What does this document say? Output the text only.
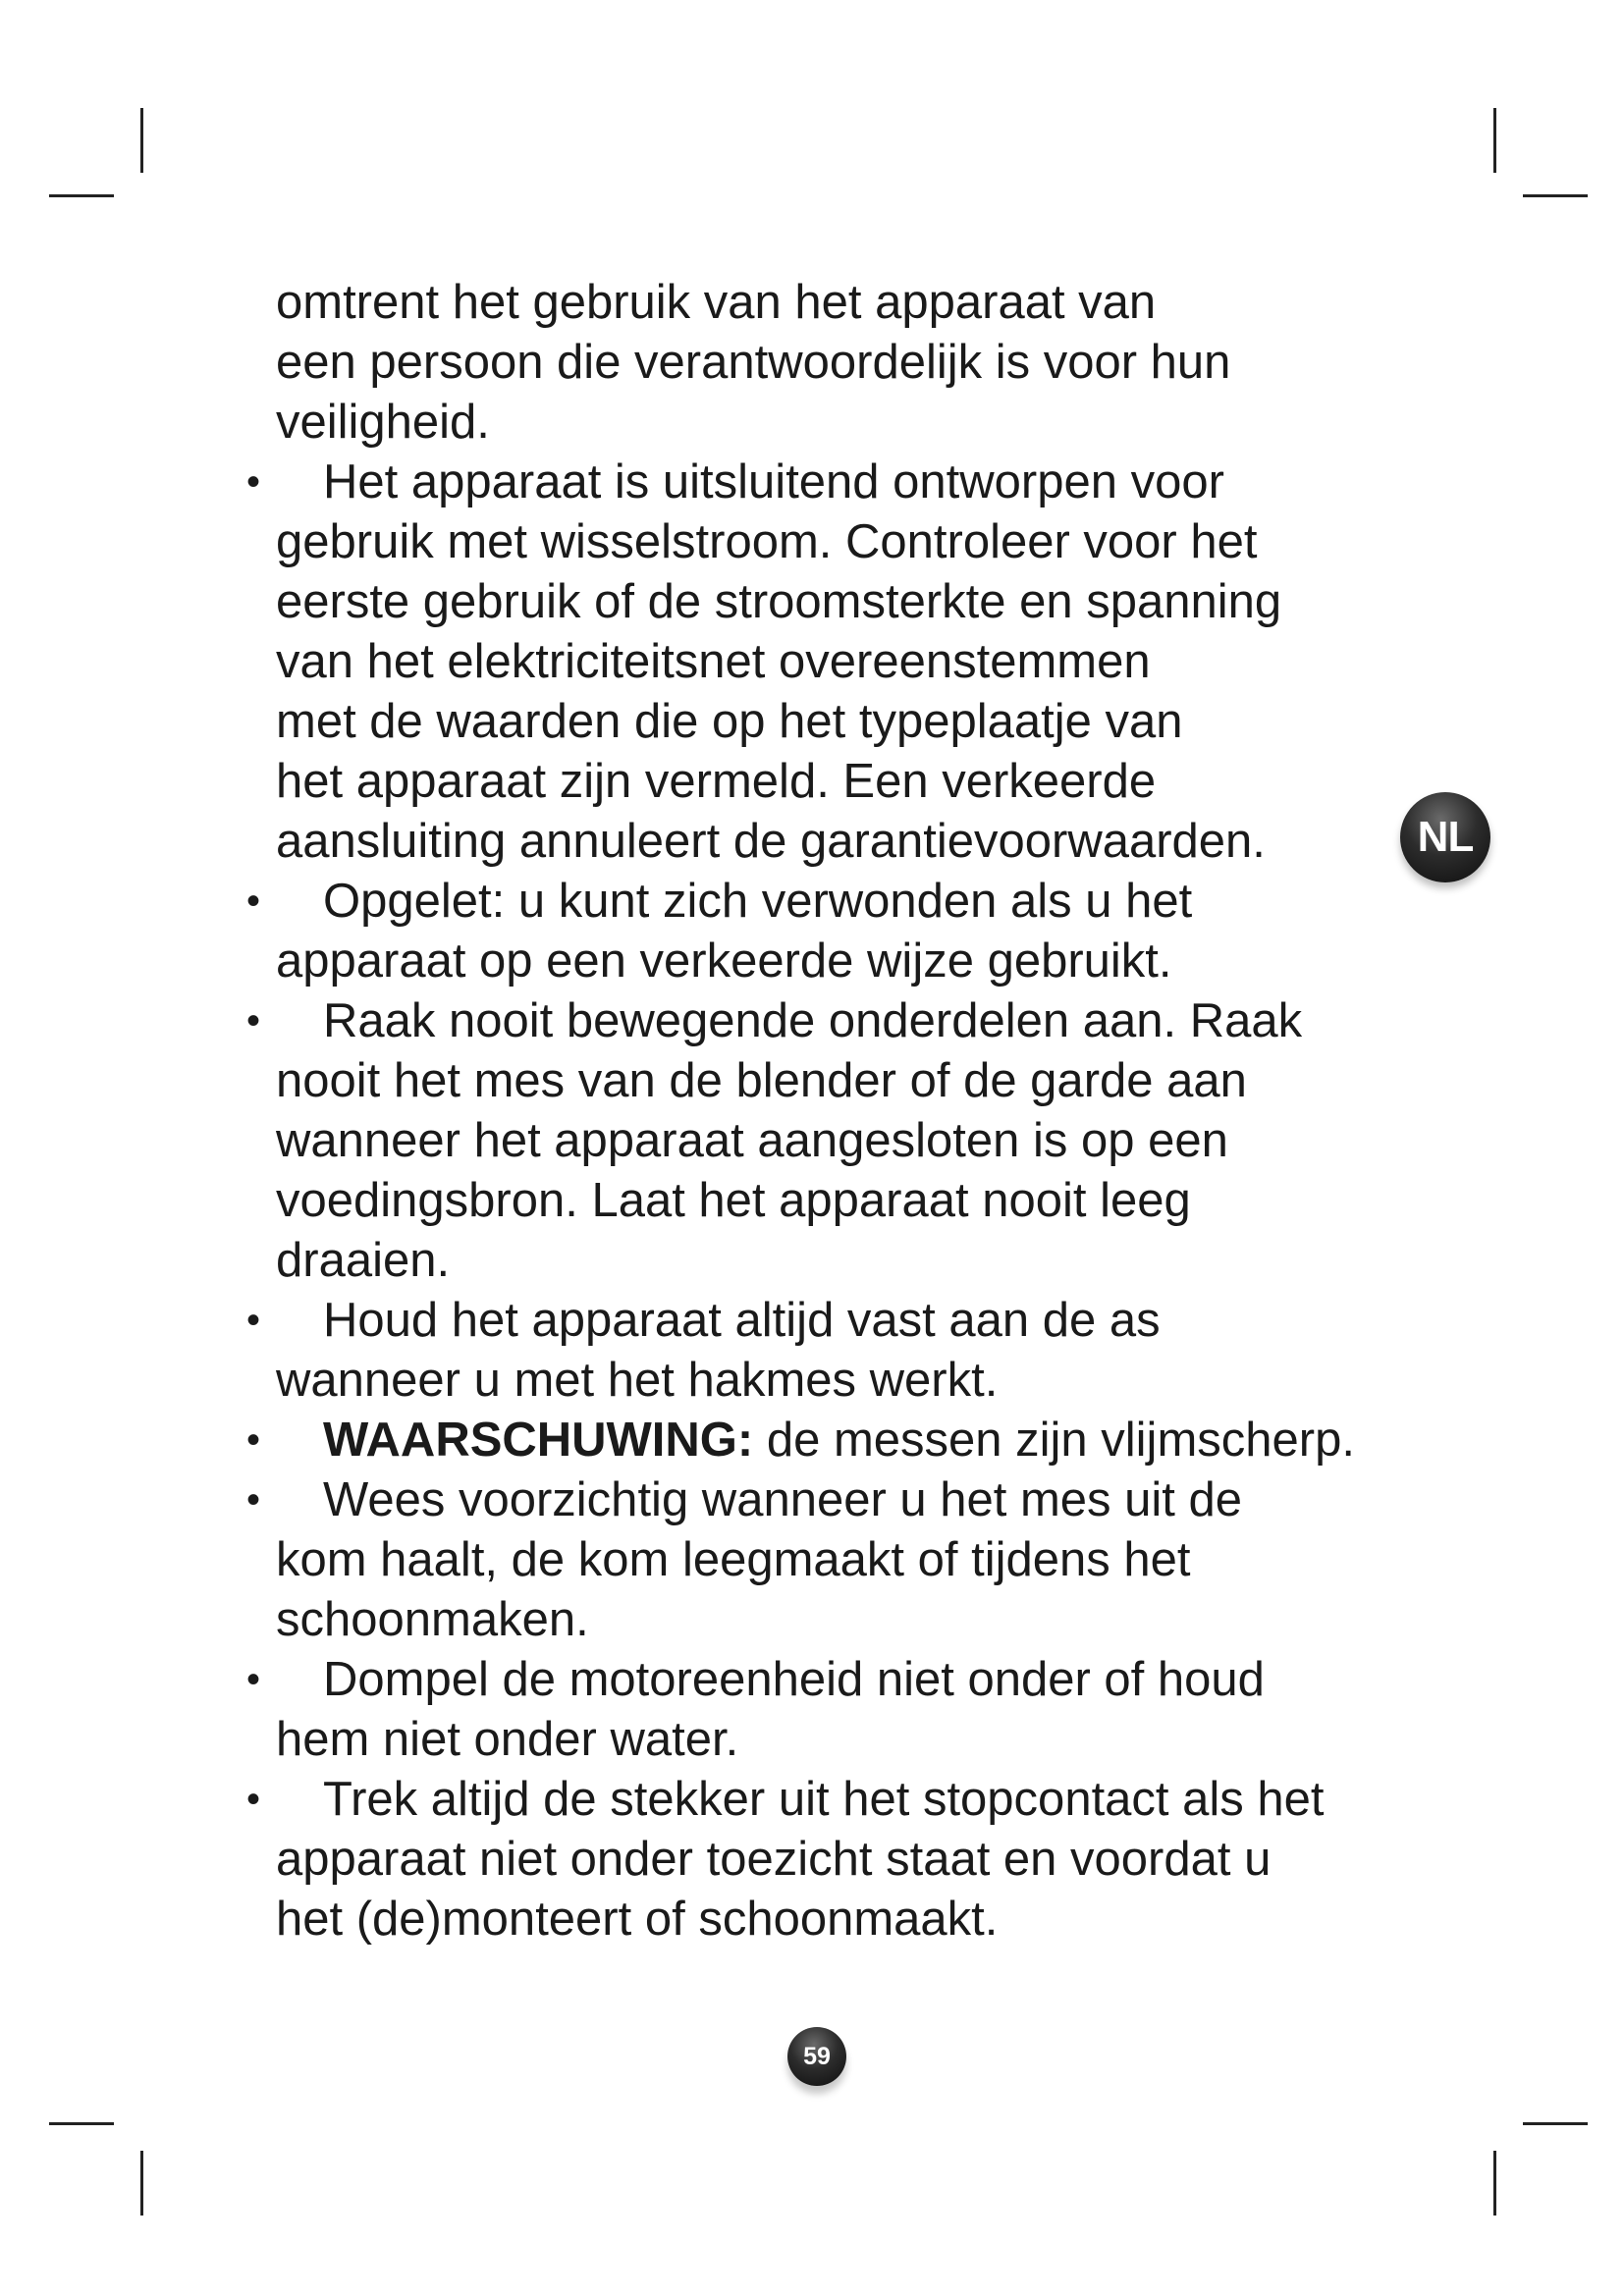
omtrent het gebruik van het apparaat van
een persoon die verantwoordelijk is voor hun
veiligheid.

• Het apparaat is uitsluitend ontworpen voor
gebruik met wisselstroom. Controleer voor het
eerste gebruik of de stroomsterkte en spanning
van het elektriciteitsnet overeenstemmen
met de waarden die op het typeplaatje van
het apparaat zijn vermeld. Een verkeerde
aansluiting annuleert de garantievoorwaarden.

• Opgelet: u kunt zich verwonden als u het
apparaat op een verkeerde wijze gebruikt.

• Raak nooit bewegende onderdelen aan. Raak
nooit het mes van de blender of de garde aan
wanneer het apparaat aangesloten is op een
voedingsbron. Laat het apparaat nooit leeg
draaien.

• Houd het apparaat altijd vast aan de as
wanneer u met het hakmes werkt.

• WAARSCHUWING: de messen zijn vlijmscherp.

• Wees voorzichtig wanneer u het mes uit de
kom haalt, de kom leegmaakt of tijdens het
schoonmaken.

• Dompel de motoreenheid niet onder of houd
hem niet onder water.

• Trek altijd de stekker uit het stopcontact als het
apparaat niet onder toezicht staat en voordat u
het (de)monteert of schoonmaakt.

NL
59
